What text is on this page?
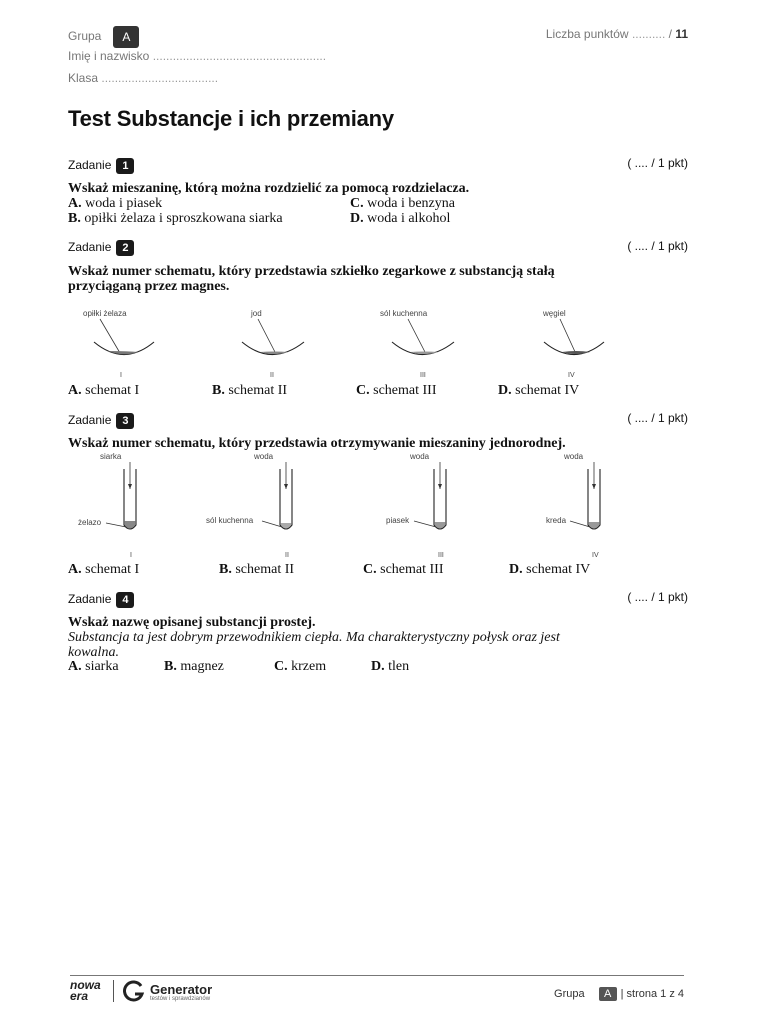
Grupa A	Liczba punktów .......... / 11
Imię i nazwisko ....................................................
Klasa ...................................
Test Substancje i ich przemiany
Zadanie 1	( .... / 1 pkt)
Wskaż mieszaninę, którą można rozdzielić za pomocą rozdzielacza.
A. woda i piasek	C. woda i benzyna
B. opiłki żelaza i sproszkowana siarka	D. woda i alkohol
Zadanie 2	( .... / 1 pkt)
Wskaż numer schematu, który przedstawia szkiełko zegarkowe z substancją stałą przyciąganą przez magnes.
opiłki żelaza
I
jod
II
sól kuchenna
III
węgiel
IV
A. schemat I	B. schemat II	C. schemat III	D. schemat IV
Zadanie 3	( .... / 1 pkt)
Wskaż numer schematu, który przedstawia otrzymywanie mieszaniny jednorodnej.
siarka
żelazo
I
woda
sól kuchenna
II
woda
piasek
III
woda
kreda
IV
A. schemat I	B. schemat II	C. schemat III	D. schemat IV
Zadanie 4	( .... / 1 pkt)
Wskaż nazwę opisanej substancji prostej.
Substancja ta jest dobrym przewodnikiem ciepła. Ma charakterystyczny połysk oraz jest kowalna.
A. siarka	B. magnez	C. krzem	D. tlen
nowa
era	Generator
testów i sprawdzianów	Grupa A | strona 1 z 4
